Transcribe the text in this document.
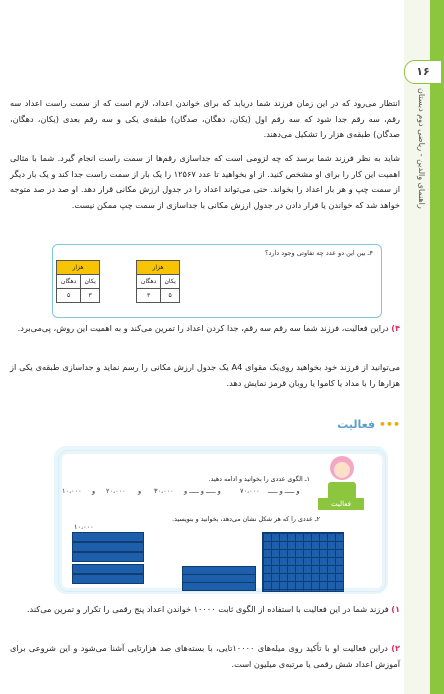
۱۶
راهنمای والدین - ریاضی دوم دبستان
انتظار می‌رود که در این زمان فرزند شما دریابد که برای خواندن اعداد، لازم است که از سمت راست اعداد سه رقم، سه رقم جدا شود که سه رقم اول (یکان، دهگان، صدگان) طبقه‌ی یکی و سه رقم بعدی (یکان، دهگان، صدگان) طبقه‌ی هزار را تشکیل می‌دهند.
شاید به نظر فرزند شما برسد که چه لزومی است که جداسازی رقم‌ها از سمت راست انجام گیرد. شما با مثالی اهمیت این کار را برای او مشخص کنید. از او بخواهید تا عدد ۱۲۵۶۷ را یک بار از سمت راست جدا کند و یک بار دیگر از سمت چپ و هر بار اعداد را بخواند. حتی می‌تواند اعداد را در جدول ارزش مکانی قرار دهد. او صد در صد متوجه خواهد شد که خواندن یا قرار دادن در جدول ارزش مکانی با جداسازی از سمت چپ ممکن نیست.
۴ـ بین این دو عدد چه تفاوتی وجود دارد؟
هزار	
دهگان	یکان
۳	۵
هزار	
دهگان	یکان
۵	۳
۴) دراین فعالیت، فرزند شما سه رقم سه رقم، جدا کردن اعداد را تمرین می‌کند و به اهمیت این روش، پی‌می‌برد.
می‌توانید از فرزند خود بخواهید روی‌یک مقوای A4 یک جدول ارزش مکانی را رسم نماید و جداسازی طبقه‌ی یکی از هزارها را با مداد یا کاموا یا روبان قرمز نمایش دهد.
••• فعالیت
فعالیت
۱ـ الگوی عددی را بخوانید و ادامه دهید.
۱۰،۰۰۰ و ۲۰،۰۰۰ و ۳۰،۰۰۰ و ـــــ و ـــــ و	۷۰،۰۰۰ و ـــــ و ـــــ
۲ـ عددی را که هر شکل نشان می‌دهد، بخوانید و بنویسید.
۱۰،۰۰۰
۱) فرزند شما در این فعالیت با استفاده از الگوی ثابت ۱۰۰۰۰ خواندن اعداد پنج رقمی را تکرار و تمرین می‌کند.
۲) دراین فعالیت او با تأکید روی میله‌های ۱۰۰۰۰تایی، با بسته‌های صد هزارتایی آشنا می‌شود و این شروعی برای آموزش اعداد شش رقمی یا مرتبه‌ی میلیون است.
